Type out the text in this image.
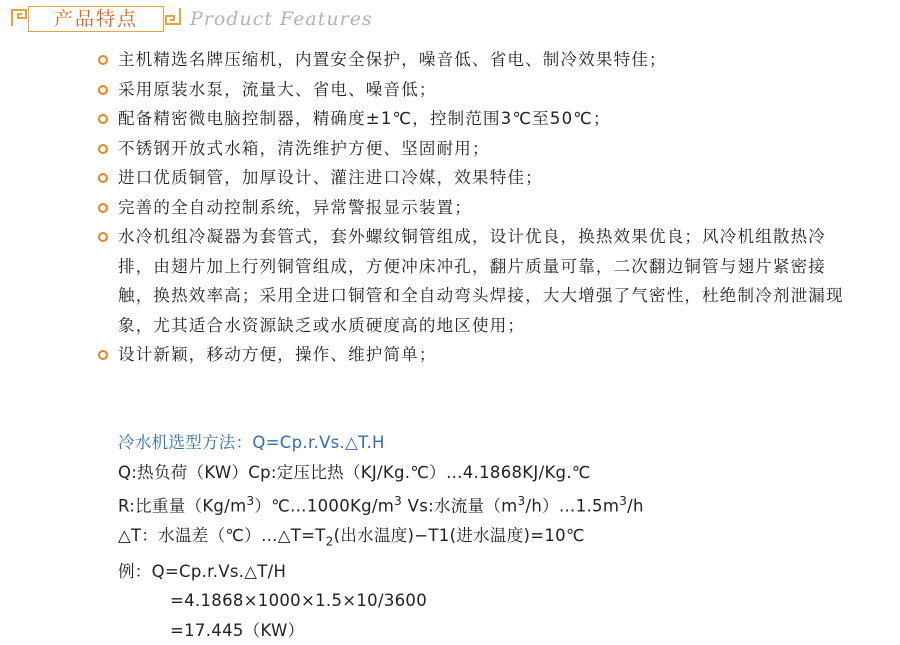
产品特点	Product Features
主机精选名牌压缩机，内置安全保护，噪音低、省电、制冷效果特佳；
采用原装水泵，流量大、省电、噪音低；
配备精密微电脑控制器，精确度±1℃，控制范围3℃至50℃；
不锈钢开放式水箱，清洗维护方便、坚固耐用；
进口优质铜管，加厚设计、灌注进口冷媒，效果特佳；
完善的全自动控制系统，异常警报显示装置；
水冷机组冷凝器为套管式，套外螺纹铜管组成，设计优良，换热效果优良；风冷机组散热冷排，由翅片加上行列铜管组成，方便冲床冲孔，翻片质量可靠，二次翻边铜管与翅片紧密接触，换热效率高；采用全进口铜管和全自动弯头焊接，大大增强了气密性，杜绝制冷剂泄漏现象，尤其适合水资源缺乏或水质硬度高的地区使用；
设计新颖，移动方便，操作、维护简单；
冷水机选型方法：Q=Cp.r.Vs.△T.H
Q:热负荷（KW）Cp:定压比热（KJ/Kg.℃）…4.1868KJ/Kg.℃
R:比重量$(Kg/m^3)℃\dots 1000Kg/m^3$ Vs:水流量$(m^3/h)\dots 1.5m^3/h$
△T：水温差$(℃)\dots\triangle T=T_2$(出水温度)−T1(进水温度)=10℃
例：Q=Cp.r.Vs.△T/H
=4.1868×1000×1.5×10/3600
=17.445（KW）
